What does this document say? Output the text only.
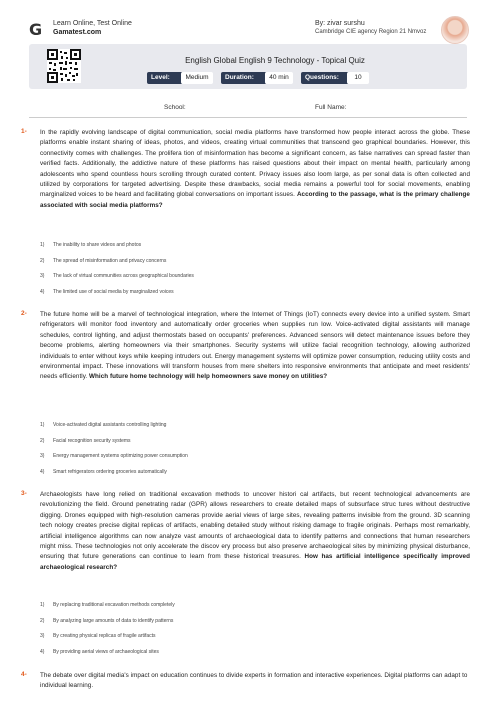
G	Learn Online, Test Online
Gamatest.com
By: zivar surshu
Cambridge CIE agency Region 21 Nmvoz
English Global English 9 Technology - Topical Quiz
Level:	Medium	Duration:	40 min	Questions:	10
School:	Full Name:
1- In the rapidly evolving landscape of digital communication, social media platforms have transformed how people interact across the globe. These platforms enable instant sharing of ideas, photos, and videos, creating virtual communities that transcend geo graphical boundaries. However, this connectivity comes with challenges. The prolifera tion of misinformation has become a significant concern, as false narratives can spread faster than verified facts. Additionally, the addictive nature of these platforms has raised questions about their impact on mental health, particularly among adolescents who spend countless hours scrolling through curated content. Privacy issues also loom large, as per sonal data is often collected and utilized by corporations for targeted advertising. Despite these drawbacks, social media remains a powerful tool for social movements, enabling marginalized voices to be heard and facilitating global conversations on important issues. According to the passage, what is the primary challenge associated with social media platforms?
1) The inability to share videos and photos
2) The spread of misinformation and privacy concerns
3) The lack of virtual communities across geographical boundaries
4) The limited use of social media by marginalized voices
2- The future home will be a marvel of technological integration, where the Internet of Things (IoT) connects every device into a unified system. Smart refrigerators will monitor food inventory and automatically order groceries when supplies run low. Voice-activated digital assistants will manage schedules, control lighting, and adjust thermostats based on occupants' preferences. Advanced sensors will detect maintenance issues before they become problems, alerting homeowners via their smartphones. Security systems will utilize facial recognition technology, allowing authorized individuals to enter without keys while keeping intruders out. Energy management systems will optimize power consumption, reducing utility costs and environmental impact. These innovations will transform houses from mere shelters into responsive environments that anticipate and meet residents' needs efficiently. Which future home technology will help homeowners save money on utilities?
1) Voice-activated digital assistants controlling lighting
2) Facial recognition security systems
3) Energy management systems optimizing power consumption
4) Smart refrigerators ordering groceries automatically
3- Archaeologists have long relied on traditional excavation methods to uncover histori cal artifacts, but recent technological advancements are revolutionizing the field. Ground penetrating radar (GPR) allows researchers to create detailed maps of subsurface struc tures without destructive digging. Drones equipped with high-resolution cameras provide aerial views of large sites, revealing patterns invisible from the ground. 3D scanning tech nology creates precise digital replicas of artifacts, enabling detailed study without risking damage to fragile originals. Perhaps most remarkably, artificial intelligence algorithms can now analyze vast amounts of archaeological data to identify patterns and connections that human researchers might miss. These technologies not only accelerate the discov ery process but also preserve archaeological sites by minimizing physical disturbance, ensuring that future generations can continue to learn from these historical treasures. How has artificial intelligence specifically improved archaeological research?
1) By replacing traditional excavation methods completely
2) By analyzing large amounts of data to identify patterns
3) By creating physical replicas of fragile artifacts
4) By providing aerial views of archaeological sites
4- The debate over digital media's impact on education continues to divide experts in formation and interactive experiences. Digital platforms can adapt to individual learning.
